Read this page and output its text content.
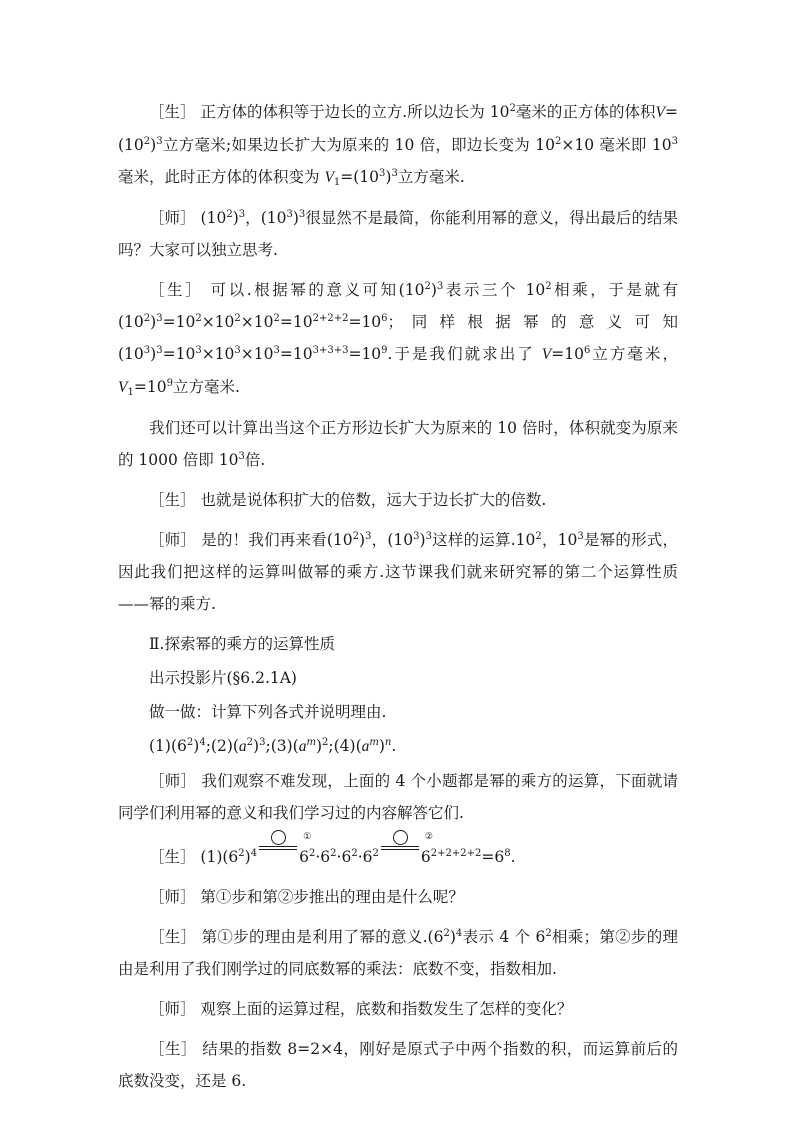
［生］ 正方体的体积等于边长的立方.所以边长为 $10^2$毫米的正方体的体积$V=(10^2)^3$立方毫米;如果边长扩大为原来的 10 倍，即边长变为 $10^2\times 10$ 毫米即 $10^3$毫米，此时正方体的体积变为 $V_1=(10^3)^3$立方毫米.

［师］ $(10^2)^3$，$(10^3)^3$很显然不是最简，你能利用幂的意义，得出最后的结果吗？大家可以独立思考.

［生］ 可以.根据幂的意义可知$(10^2)^3$表示三个 $10^2$相乘，于是就有$(10^2)^3=10^2\times 10^2\times 10^2=10^{2+2+2}=10^6$； 同 样 根 据 幂 的 意 义 可 知 $(10^3)^3=10^3\times 10^3\times 10^3=10^{3+3+3}=10^9$.于是我们就求出了 $V=10^6$立方毫米，$V_1=10^9$立方毫米.

我们还可以计算出当这个正方形边长扩大为原来的 10 倍时，体积就变为原来的 1000 倍即 $10^3$倍.

［生］ 也就是说体积扩大的倍数，远大于边长扩大的倍数.

［师］ 是的！我们再来看$(10^2)^3$，$(10^3)^3$这样的运算$.10^2$，$10^3$是幂的形式，因此我们把这样的运算叫做幂的乘方.这节课我们就来研究幂的第二个运算性质——幂的乘方.

Ⅱ.探索幂的乘方的运算性质

出示投影片(§6.2.1A)

做一做：计算下列各式并说明理由.

$(1)(6^2)^4;(2)(a^2)^3;(3)(a^m)^2;(4)(a^m)^n$.

［师］ 我们观察不难发现，上面的 4 个小题都是幂的乘方的运算，下面就请同学们利用幂的意义和我们学习过的内容解答它们.

［生］ $(1)(6^2)^4$
①
$6^2\cdot 6^2\cdot 6^2\cdot 6^2$
②
$6^{2+2+2+2}=6^8$.

［师］ 第①步和第②步推出的理由是什么呢？

［生］ 第①步的理由是利用了幂的意义$.(6^2)^4$表示 4 个 $6^2$相乘；第②步的理由是利用了我们刚学过的同底数幂的乘法：底数不变，指数相加.

［师］ 观察上面的运算过程，底数和指数发生了怎样的变化？

［生］ 结果的指数 8=2×4，刚好是原式子中两个指数的积，而运算前后的底数没变，还是 6.
